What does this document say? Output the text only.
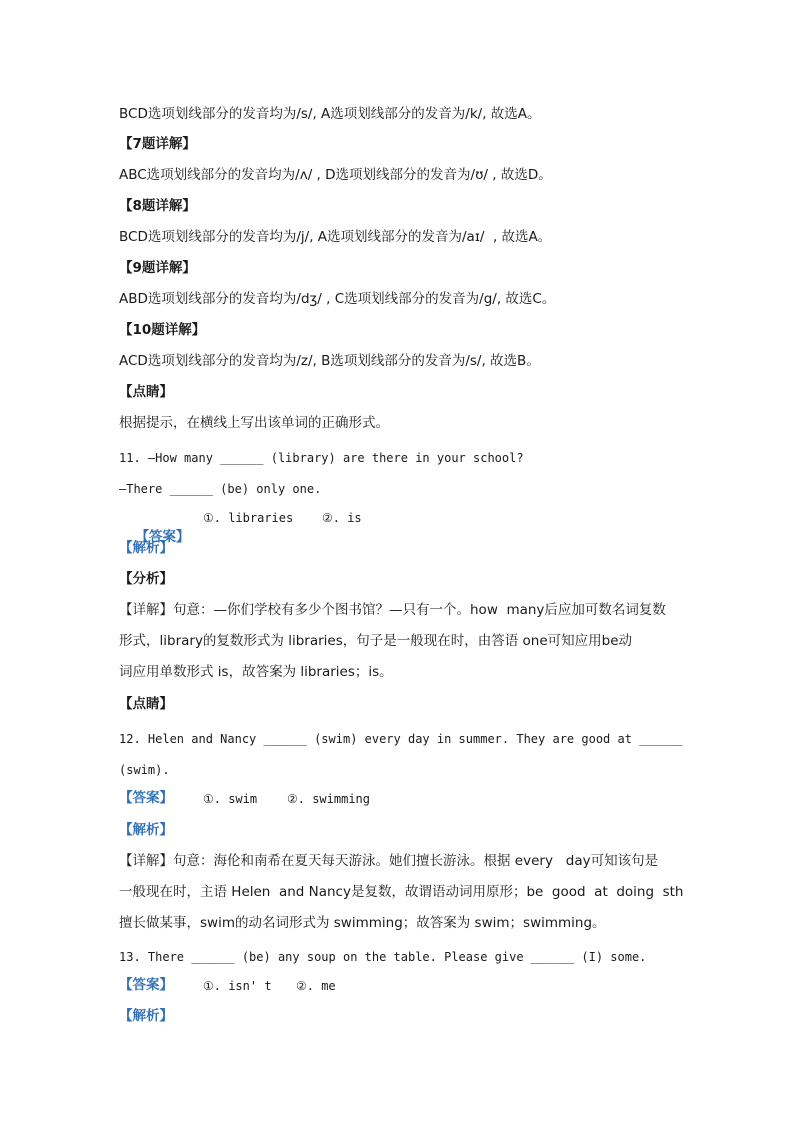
BCD选项划线部分的发音均为/s/, A选项划线部分的发音为/k/, 故选A。
【7题详解】
ABC选项划线部分的发音均为/ʌ/ , D选项划线部分的发音为/ʊ/ , 故选D。
【8题详解】
BCD选项划线部分的发音均为/j/, A选项划线部分的发音为/aɪ/  , 故选A。
【9题详解】
ABD选项划线部分的发音均为/dʒ/ , C选项划线部分的发音为/g/, 故选C。
【10题详解】
ACD选项划线部分的发音均为/z/, B选项划线部分的发音为/s/, 故选B。
【点睛】
根据提示，在横线上写出该单词的正确形式。
11. —How many ______ (library) are there in your school?
—There ______ (be) only one.

【答案】

①. libraries ②. is
【解析】
【分析】
【详解】句意：—你们学校有多少个图书馆？—只有一个。how  many后应加可数名词复数
形式，library的复数形式为 libraries，句子是一般现在时，由答语 one可知应用be动
词应用单数形式 is，故答案为 libraries；is。
【点睛】
12. Helen and Nancy ______ (swim) every day in summer. They are good at ______
(swim).
【答案】	①. swim ②. swimming
【解析】
【详解】句意：海伦和南希在夏天每天游泳。她们擅长游泳。根据 every   day可知该句是
一般现在时，主语 Helen  and Nancy是复数，故谓语动词用原形；be  good  at  doing  sth
擅长做某事，swim的动名词形式为 swimming；故答案为 swim；swimming。
13. There ______ (be) any soup on the table. Please give ______ (I) some.
【答案】	①. isn' t ②. me
【解析】
